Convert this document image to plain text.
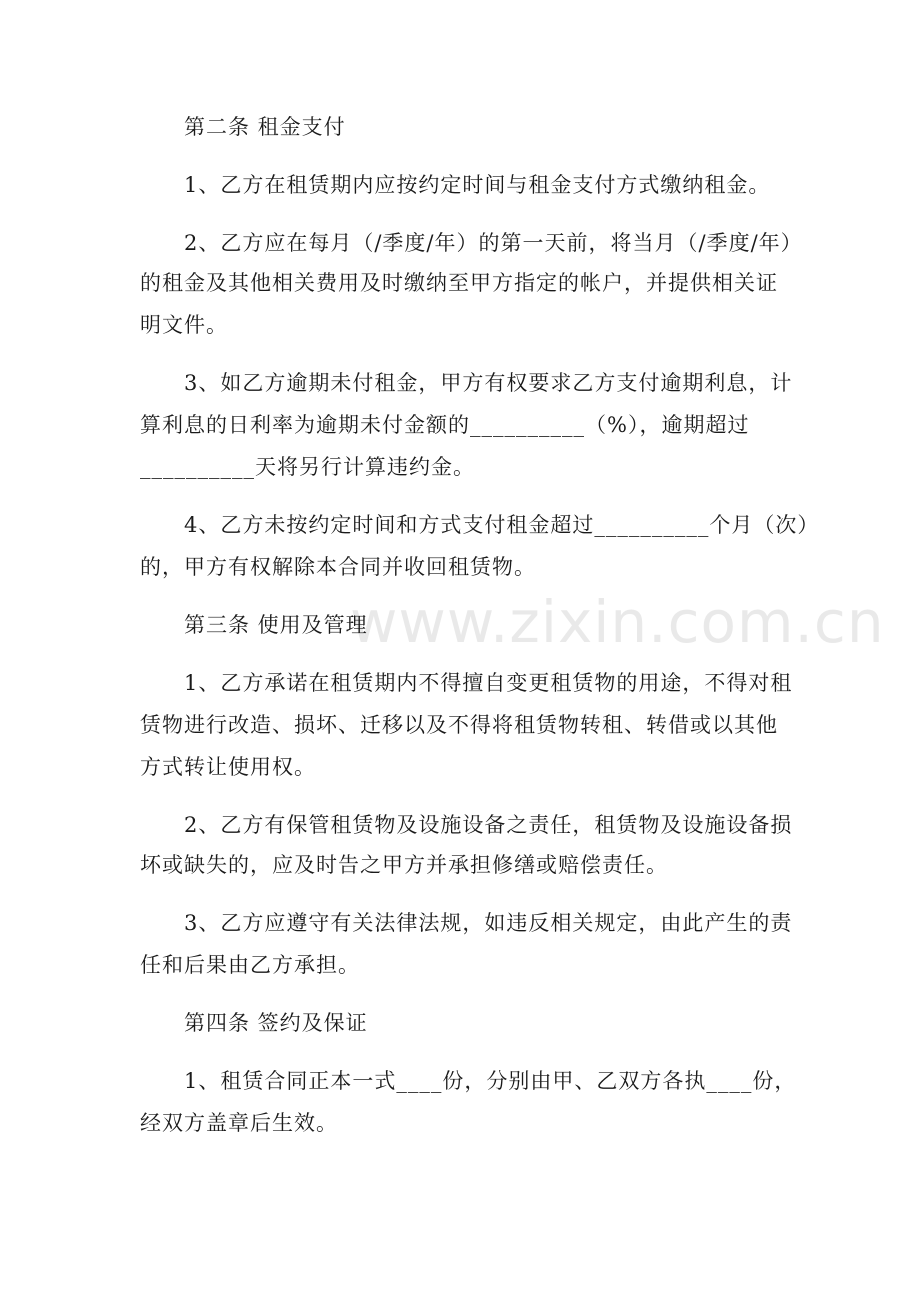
www.zixin.com.cn
第二条 租金支付
1、乙方在租赁期内应按约定时间与租金支付方式缴纳租金。
2、乙方应在每月（/季度/年）的第一天前，将当月（/季度/年）
的租金及其他相关费用及时缴纳至甲方指定的帐户，并提供相关证
明文件。
3、如乙方逾期未付租金，甲方有权要求乙方支付逾期利息，计
算利息的日利率为逾期未付金额的__________（%），逾期超过
__________天将另行计算违约金。
4、乙方未按约定时间和方式支付租金超过__________个月（次）
的，甲方有权解除本合同并收回租赁物。
第三条 使用及管理
1、乙方承诺在租赁期内不得擅自变更租赁物的用途，不得对租
赁物进行改造、损坏、迁移以及不得将租赁物转租、转借或以其他
方式转让使用权。
2、乙方有保管租赁物及设施设备之责任，租赁物及设施设备损
坏或缺失的，应及时告之甲方并承担修缮或赔偿责任。
3、乙方应遵守有关法律法规，如违反相关规定，由此产生的责
任和后果由乙方承担。
第四条 签约及保证
1、租赁合同正本一式____份，分别由甲、乙双方各执____份，
经双方盖章后生效。
